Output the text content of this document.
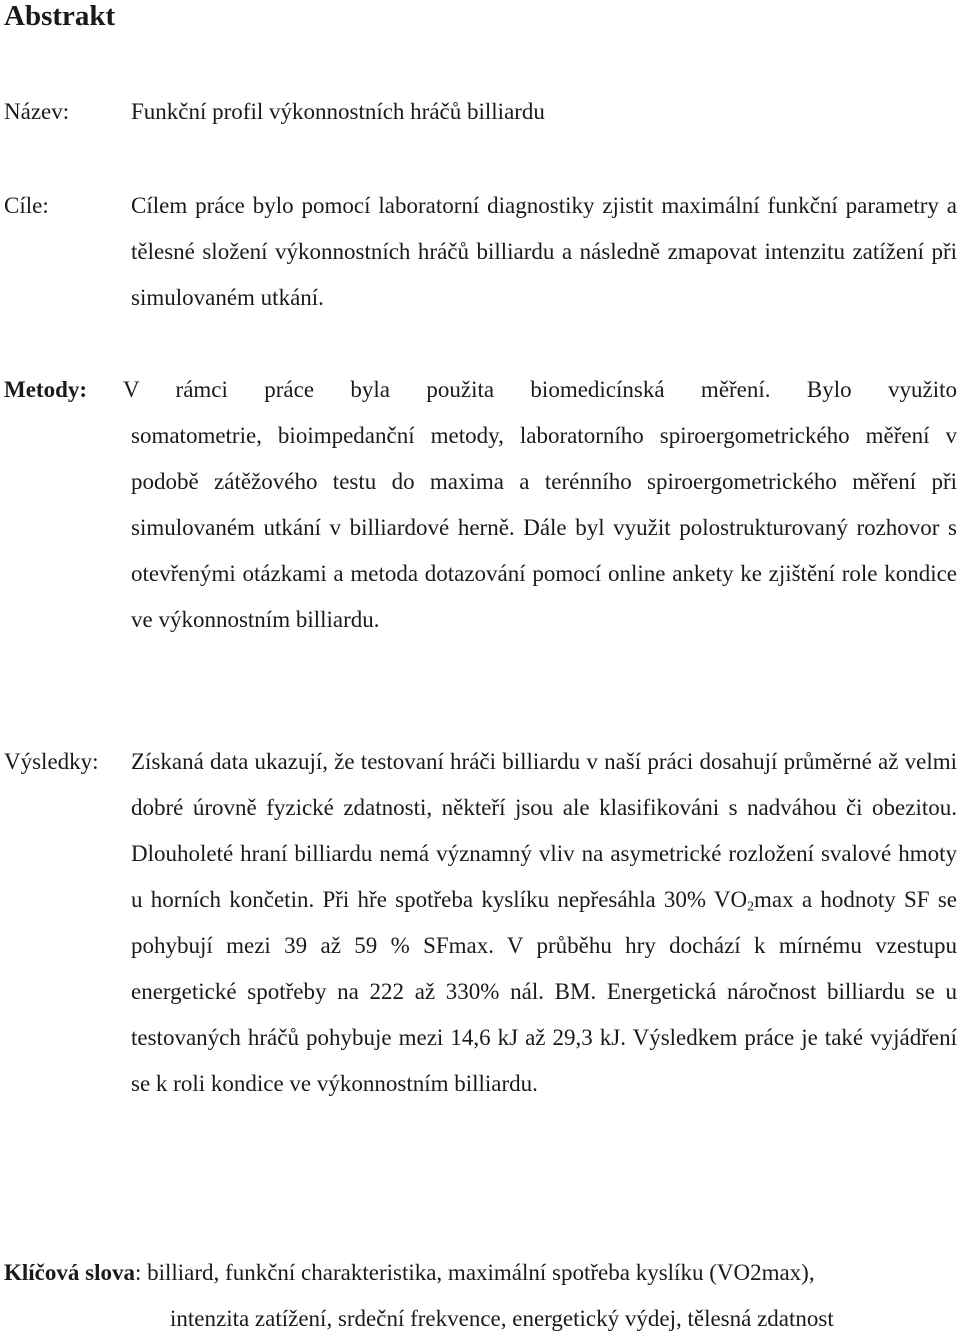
Abstrakt
Název:	Funkční profil výkonnostních hráčů billiardu
Cíle:	Cílem práce bylo pomocí laboratorní diagnostiky zjistit maximální funkční parametry a tělesné složení výkonnostních hráčů billiardu a následně zmapovat intenzitu zatížení při simulovaném utkání.
Metody: V rámci práce byla použita biomedicínská měření. Bylo využito
somatometrie, bioimpedanční metody, laboratorního spiroergometrického měření v podobě zátěžového testu do maxima a terénního spiroergometrického měření při simulovaném utkání v billiardové herně. Dále byl využit polostrukturovaný rozhovor s otevřenými otázkami a metoda dotazování pomocí online ankety ke zjištění role kondice ve výkonnostním billiardu.
Výsledky: Získaná data ukazují, že testovaní hráči billiardu v naší práci dosahují průměrné až velmi dobré úrovně fyzické zdatnosti, někteří jsou ale klasifikováni s nadváhou či obezitou. Dlouholeté hraní billiardu nemá významný vliv na asymetrické rozložení svalové hmoty u horních končetin. Při hře spotřeba kyslíku nepřesáhla 30% $VO_2\max$ a hodnoty SF se pohybují mezi 39 až 59 % SFmax. V průběhu hry dochází k mírnému vzestupu energetické spotřeby na 222 až 330% nál. BM. Energetická náročnost billiardu se u testovaných hráčů pohybuje mezi 14,6 kJ až 29,3 kJ. Výsledkem práce je také vyjádření se k roli kondice ve výkonnostním billiardu.
Klíčová slova: billiard, funkční charakteristika, maximální spotřeba kyslíku (VO2max),
intenzita zatížení, srdeční frekvence, energetický výdej, tělesná zdatnost
